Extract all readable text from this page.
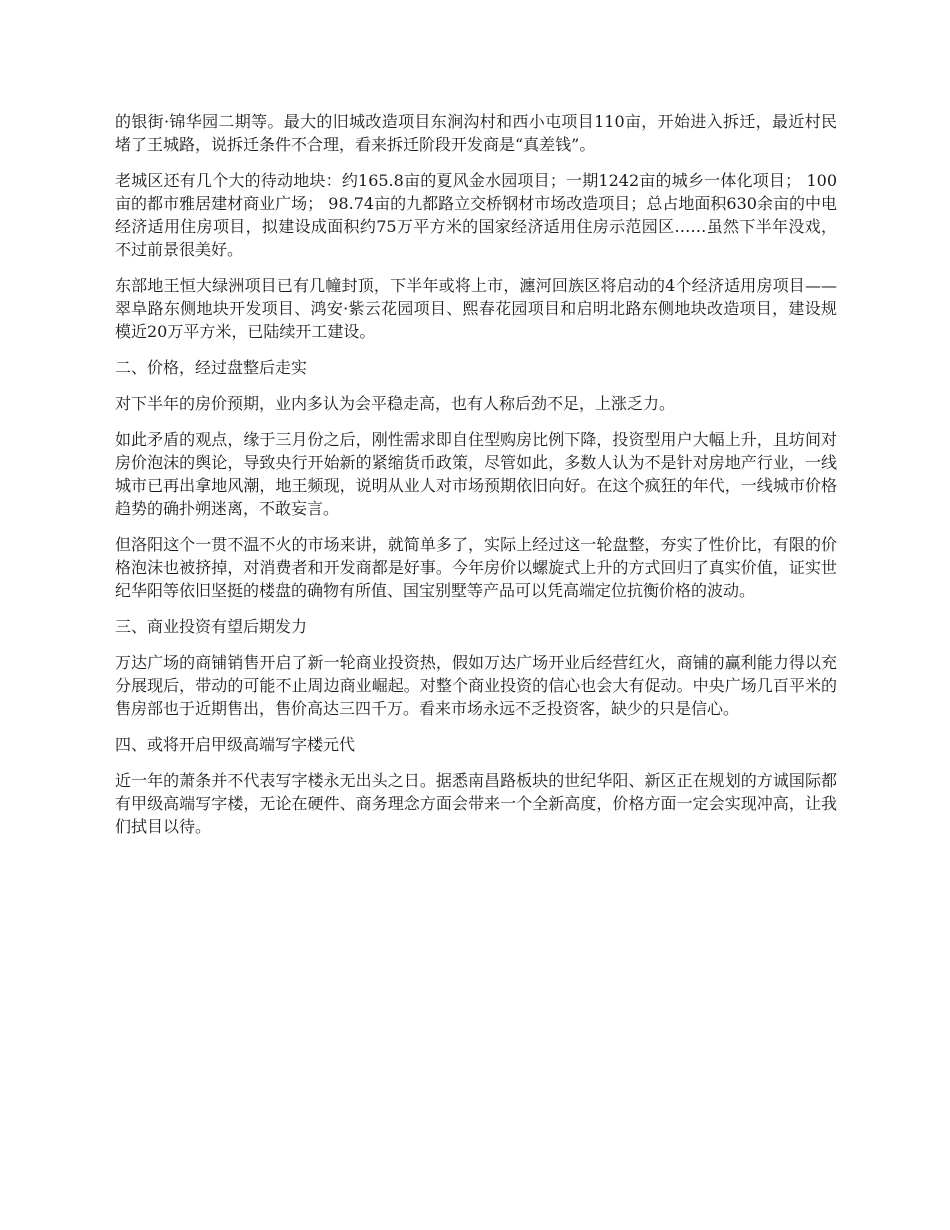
的银街·锦华园二期等。最大的旧城改造项目东涧沟村和西小屯项目110亩，开始进入拆迁，最近村民堵了王城路，说拆迁条件不合理，看来拆迁阶段开发商是“真差钱”。

老城区还有几个大的待动地块：约165.8亩的夏风金水园项目；一期1242亩的城乡一体化项目； 100亩的都市雅居建材商业广场； 98.74亩的九都路立交桥钢材市场改造项目；总占地面积630余亩的中电经济适用住房项目，拟建设成面积约75万平方米的国家经济适用住房示范园区……虽然下半年没戏，不过前景很美好。

东部地王恒大绿洲项目已有几幢封顶，下半年或将上市，瀍河回族区将启动的4个经济适用房项目——翠阜路东侧地块开发项目、鸿安·紫云花园项目、熙春花园项目和启明北路东侧地块改造项目，建设规模近20万平方米，已陆续开工建设。

二、价格，经过盘整后走实

对下半年的房价预期，业内多认为会平稳走高，也有人称后劲不足，上涨乏力。

如此矛盾的观点，缘于三月份之后，刚性需求即自住型购房比例下降，投资型用户大幅上升，且坊间对房价泡沫的舆论，导致央行开始新的紧缩货币政策，尽管如此，多数人认为不是针对房地产行业，一线城市已再出拿地风潮，地王频现，说明从业人对市场预期依旧向好。在这个疯狂的年代，一线城市价格趋势的确扑朔迷离，不敢妄言。

但洛阳这个一贯不温不火的市场来讲，就简单多了，实际上经过这一轮盘整，夯实了性价比，有限的价格泡沫也被挤掉，对消费者和开发商都是好事。今年房价以螺旋式上升的方式回归了真实价值，证实世纪华阳等依旧坚挺的楼盘的确物有所值、国宝别墅等产品可以凭高端定位抗衡价格的波动。

三、商业投资有望后期发力

万达广场的商铺销售开启了新一轮商业投资热，假如万达广场开业后经营红火，商铺的赢利能力得以充分展现后，带动的可能不止周边商业崛起。对整个商业投资的信心也会大有促动。中央广场几百平米的售房部也于近期售出，售价高达三四千万。看来市场永远不乏投资客，缺少的只是信心。

四、或将开启甲级高端写字楼元代

近一年的萧条并不代表写字楼永无出头之日。据悉南昌路板块的世纪华阳、新区正在规划的方诚国际都有甲级高端写字楼，无论在硬件、商务理念方面会带来一个全新高度，价格方面一定会实现冲高，让我们拭目以待。
